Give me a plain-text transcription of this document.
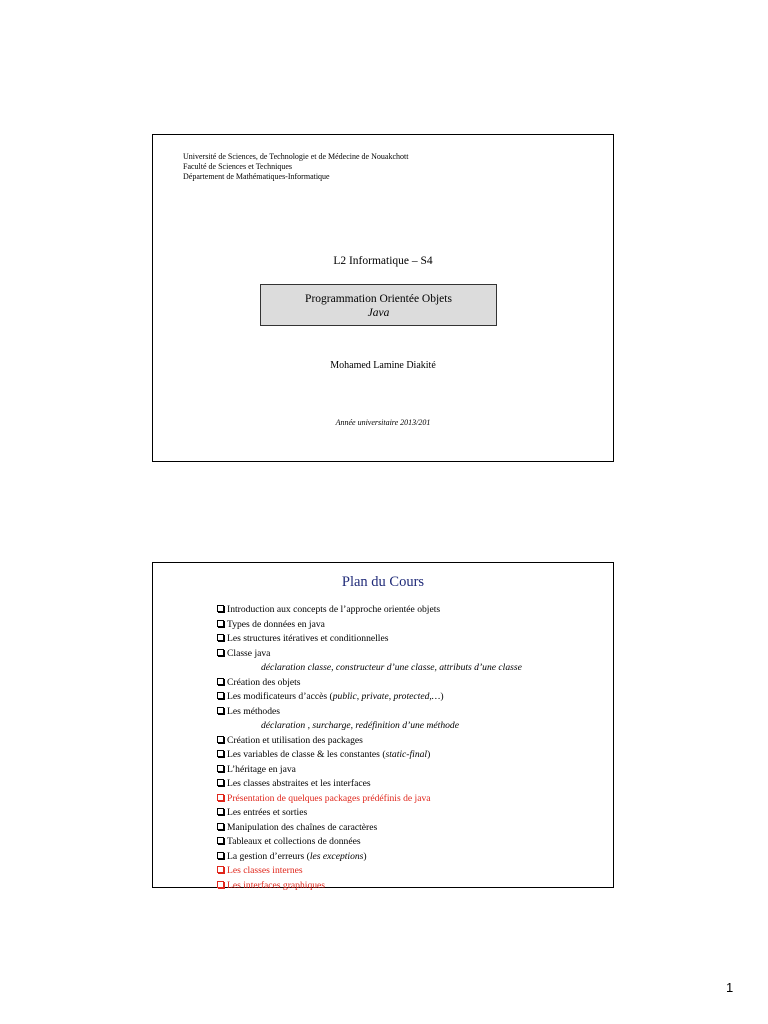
Université de Sciences, de Technologie et de Médecine de Nouakchott
Faculté de Sciences et Techniques
Département de Mathématiques-Informatique
L2 Informatique – S4
Programmation Orientée Objets
Java
Mohamed Lamine Diakité
Année universitaire 2013/201
Plan du Cours
Introduction aux concepts de l’approche orientée objets
Types de données en java
Les structures itératives et conditionnelles
Classe java
déclaration classe, constructeur d’une classe, attributs d’une classe
Création des objets
Les modificateurs d’accès (public, private, protected,…)
Les méthodes
déclaration , surcharge, redéfinition d’une méthode
Création et utilisation des packages
Les variables de classe & les constantes (static-final)
L’héritage en java
Les classes abstraites et les interfaces
Présentation de quelques packages prédéfinis de java
Les entrées et sorties
Manipulation des chaînes de caractères
Tableaux et collections de données
La gestion d’erreurs (les exceptions)
Les classes internes
Les interfaces graphiques
1
